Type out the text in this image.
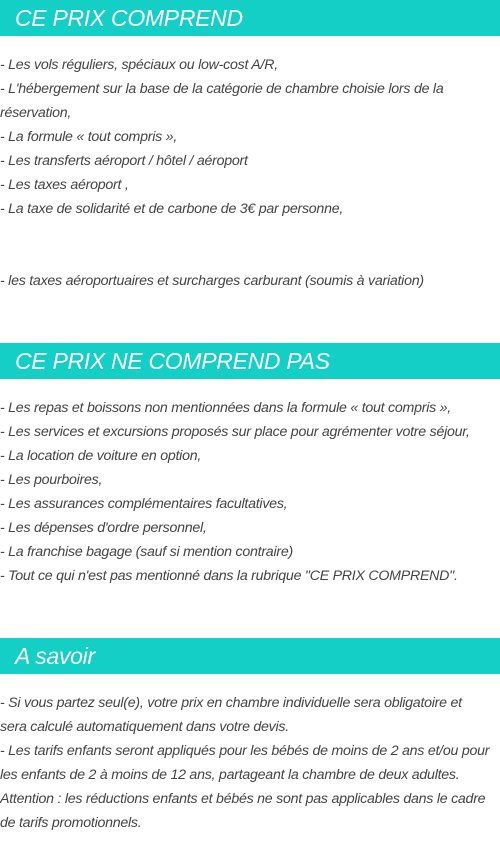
CE PRIX COMPREND
- Les vols réguliers, spéciaux ou low-cost A/R,
- L'hébergement sur la base de la catégorie de chambre choisie lors de la
réservation,
- La formule « tout compris »,
- Les transferts aéroport / hôtel / aéroport
- Les taxes aéroport ,
- La taxe de solidarité et de carbone de 3€ par personne,
- les taxes aéroportuaires et surcharges carburant (soumis à variation)
CE PRIX NE COMPREND PAS
- Les repas et boissons non mentionnées dans la formule « tout compris »,
- Les services et excursions proposés sur place pour agrémenter votre séjour,
- La location de voiture en option,
- Les pourboires,
- Les assurances complémentaires facultatives,
- Les dépenses d'ordre personnel,
- La franchise bagage (sauf si mention contraire)
- Tout ce qui n'est pas mentionné dans la rubrique "CE PRIX COMPREND".
A savoir
- Si vous partez seul(e), votre prix en chambre individuelle sera obligatoire et
sera calculé automatiquement dans votre devis.
- Les tarifs enfants seront appliqués pour les bébés de moins de 2 ans et/ou pour
les enfants de 2 à moins de 12 ans, partageant la chambre de deux adultes.
Attention : les réductions enfants et bébés ne sont pas applicables dans le cadre
de tarifs promotionnels.
